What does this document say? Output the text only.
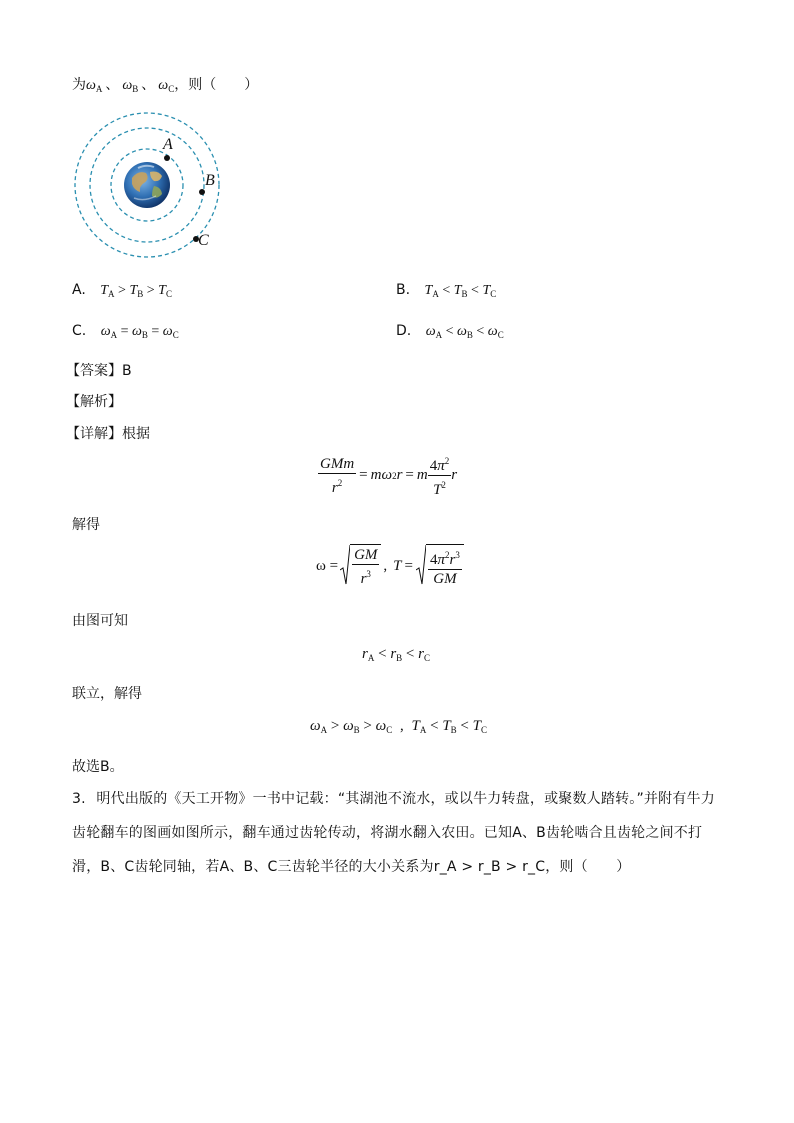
为$\omega_A$ 、 $\omega_B$ 、 $\omega_C$，则（　　）
A
B
C
A. $T_A > T_B > T_C$	B. $T_A < T_B < T_C$
C. $\omega_A = \omega_B = \omega_C$	D. $\omega_A < \omega_B < \omega_C$
【答案】B
【解析】
【详解】根据
$\frac{\text{GMm}}{r^2} = m\omega$ 2 r = m $\frac{4\pi^2}{T^2}$ r
解得
$\omega = \frac{GM}{r^3}$ , $T = \frac{4\pi^2r^3}{GM}$
由图可知
$r_A < r_B < r_C$
联立，解得
$\omega_A > \omega_B > \omega_C$ , $T_A < T_B < T_C$
故选B。
3. 明代出版的《天工开物》一书中记载：“其湖池不流水，或以牛力转盘，或聚数人踏转。”并附有牛力
齿轮翻车的图画如图所示，翻车通过齿轮传动，将湖水翻入农田。已知A、B齿轮啮合且齿轮之间不打
滑，B、C齿轮同轴，若A、B、C三齿轮半径的大小关系为r_A > r_B > r_C，则（　　）
